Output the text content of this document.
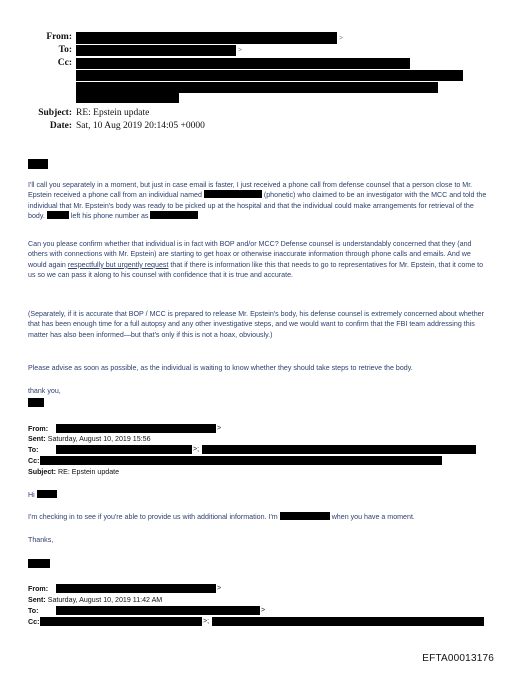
From:	>
To:	>
Cc:
Subject: RE: Epstein update
Date: Sat, 10 Aug 2019 20:14:05 +0000
I'll call you separately in a moment, but just in case email is faster, I just received a phone call from defense counsel that a person close to Mr. Epstein received a phone call from an individual named	(phonetic) who claimed to be an investigator with the MCC and told the individual that Mr. Epstein's body was ready to be picked up at the hospital and that the individual could make arrangements for retrieval of the body.	left his phone number as
Can you please confirm whether that individual is in fact with BOP and/or MCC? Defense counsel is understandably concerned that they (and others with connections with Mr. Epstein) are starting to get hoax or otherwise inaccurate information through phone calls and emails. And we would again respectfully but urgently request that if there is information like this that needs to go to representatives for Mr. Epstein, that it come to us so we can pass it along to his counsel with confidence that it is true and accurate.
(Separately, if it is accurate that BOP / MCC is prepared to release Mr. Epstein's body, his defense counsel is extremely concerned about whether that has been enough time for a full autopsy and any other investigative steps, and we would want to confirm that the FBI team addressing this matter has also been informed—but that's only if this is not a hoax, obviously.)
Please advise as soon as possible, as the individual is waiting to know whether they should take steps to retrieve the body.
thank you,
From:	>
Sent: Saturday, August 10, 2019 15:56
To:	>;
Cc:
Subject: RE: Epstein update
Hi
I'm checking in to see if you're able to provide us with additional information. I'm	when you have a moment.
Thanks,
From:	>
Sent: Saturday, August 10, 2019 11:42 AM
To:	>
Cc:	>;
EFTA00013176
